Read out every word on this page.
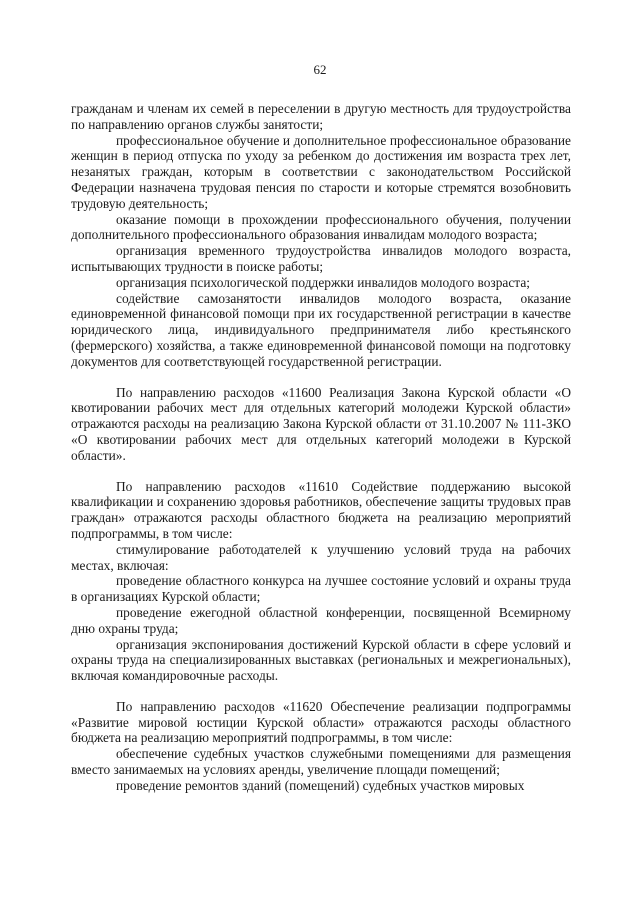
62

гражданам и членам их семей в переселении в другую местность для трудоустройства по направлению органов службы занятости;

профессиональное обучение и дополнительное профессиональное образование женщин в период отпуска по уходу за ребенком до достижения им возраста трех лет, незанятых граждан, которым в соответствии с законодательством Российской Федерации назначена трудовая пенсия по старости и которые стремятся возобновить трудовую деятельность;

оказание помощи в прохождении профессионального обучения, получении дополнительного профессионального образования инвалидам молодого возраста;

организация временного трудоустройства инвалидов молодого возраста, испытывающих трудности в поиске работы;

организация психологической поддержки инвалидов молодого возраста;

содействие самозанятости инвалидов молодого возраста, оказание единовременной финансовой помощи при их государственной регистрации в качестве юридического лица, индивидуального предпринимателя либо крестьянского (фермерского) хозяйства, а также единовременной финансовой помощи на подготовку документов для соответствующей государственной регистрации.

По направлению расходов «11600 Реализация Закона Курской области «О квотировании рабочих мест для отдельных категорий молодежи Курской области» отражаются расходы на реализацию Закона Курской области от 31.10.2007 № 111-ЗКО «О квотировании рабочих мест для отдельных категорий молодежи в Курской области».

По направлению расходов «11610 Содействие поддержанию высокой квалификации и сохранению здоровья работников, обеспечение защиты трудовых прав граждан» отражаются расходы областного бюджета на реализацию мероприятий подпрограммы, в том числе:

стимулирование работодателей к улучшению условий труда на рабочих местах, включая:

проведение областного конкурса на лучшее состояние условий и охраны труда в организациях Курской области;

проведение ежегодной областной конференции, посвященной Всемирному дню охраны труда;

организация экспонирования достижений Курской области в сфере условий и охраны труда на специализированных выставках (региональных и межрегиональных), включая командировочные расходы.

По направлению расходов «11620 Обеспечение реализации подпрограммы «Развитие мировой юстиции Курской области» отражаются расходы областного бюджета на реализацию мероприятий подпрограммы, в том числе:

обеспечение судебных участков служебными помещениями для размещения вместо занимаемых на условиях аренды, увеличение площади помещений;

проведение ремонтов зданий (помещений) судебных участков мировых
